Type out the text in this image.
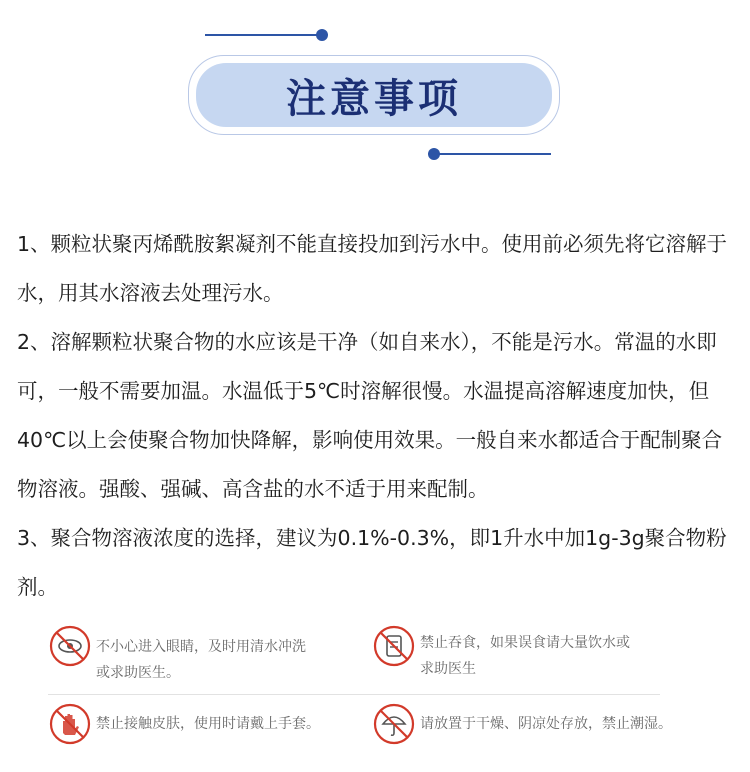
注意事项

1、颗粒状聚丙烯酰胺絮凝剂不能直接投加到污水中。使用前必须先将它溶解于水，用其水溶液去处理污水。

2、溶解颗粒状聚合物的水应该是干净（如自来水），不能是污水。常温的水即可，一般不需要加温。水温低于5℃时溶解很慢。水温提高溶解速度加快，但40℃以上会使聚合物加快降解，影响使用效果。一般自来水都适合于配制聚合物溶液。强酸、强碱、高含盐的水不适于用来配制。

3、聚合物溶液浓度的选择，建议为0.1%-0.3%，即1升水中加1g-3g聚合物粉剂。

不小心进入眼睛，及时用清水冲洗
或求助医生。
禁止吞食，如果误食请大量饮水或
求助医生
禁止接触皮肤，使用时请戴上手套。	请放置于干燥、阴凉处存放，禁止潮湿。
